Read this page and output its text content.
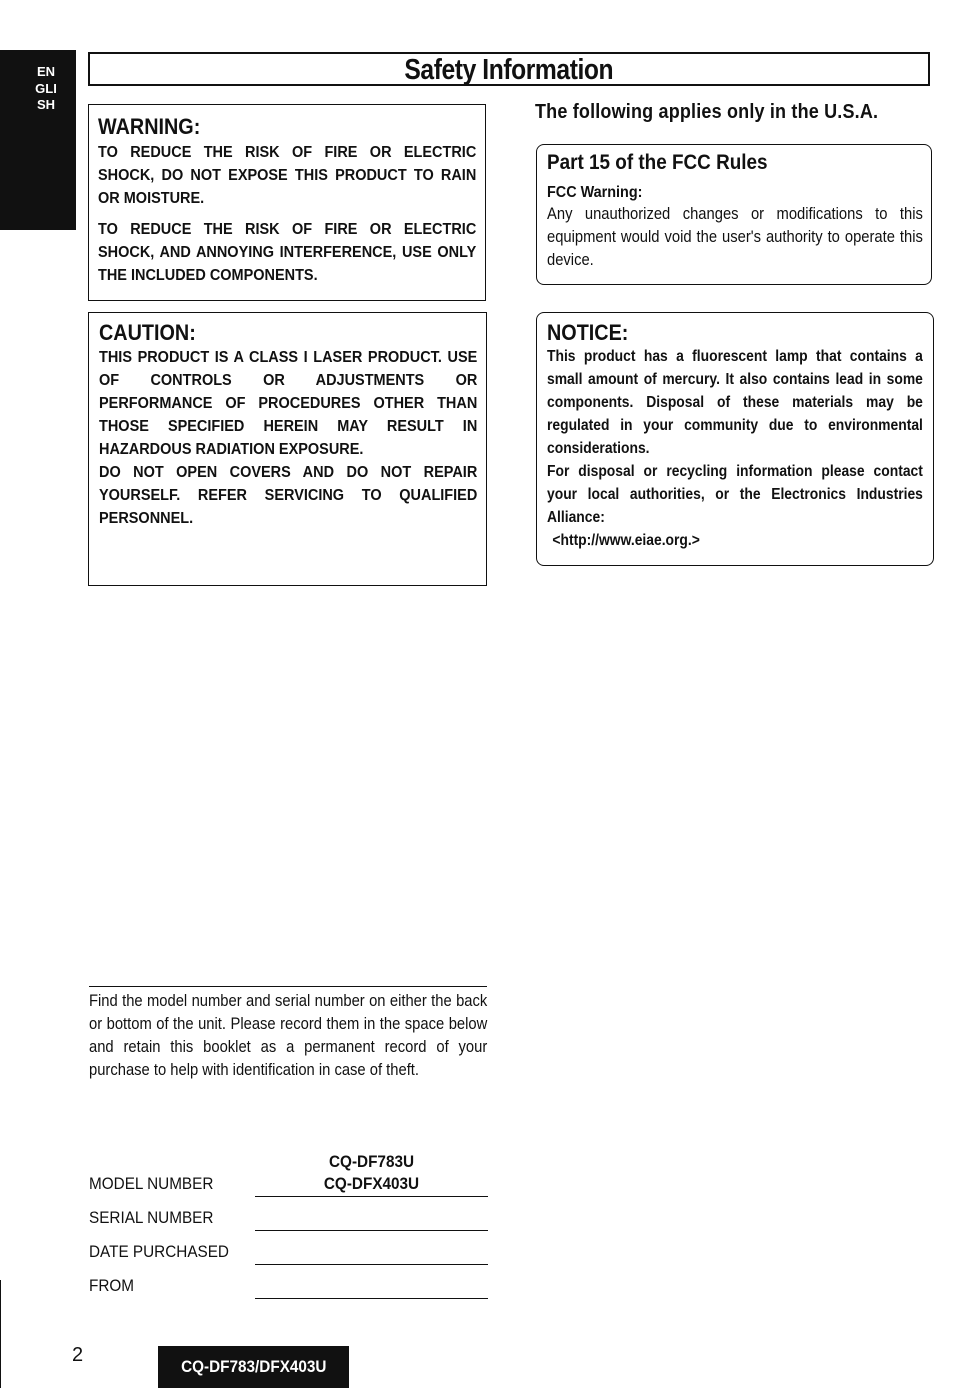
ENGLISH
Safety Information
WARNING:

TO REDUCE THE RISK OF FIRE OR ELECTRIC SHOCK, DO NOT EXPOSE THIS PRODUCT TO RAIN OR MOISTURE.

TO REDUCE THE RISK OF FIRE OR ELECTRIC SHOCK, AND ANNOYING INTERFERENCE, USE ONLY THE INCLUDED COMPONENTS.

CAUTION:

THIS PRODUCT IS A CLASS I LASER PRODUCT. USE OF CONTROLS OR ADJUSTMENTS OR PERFORMANCE OF PROCEDURES OTHER THAN THOSE SPECIFIED HEREIN MAY RESULT IN HAZARDOUS RADIATION EXPOSURE.

DO NOT OPEN COVERS AND DO NOT REPAIR YOURSELF. REFER SERVICING TO QUALIFIED PERSONNEL.

The following applies only in the U.S.A.
Part 15 of the FCC Rules
FCC Warning:

Any unauthorized changes or modifications to this equipment would void the user's authority to operate this device.

NOTICE:

This product has a fluorescent lamp that contains a small amount of mercury. It also contains lead in some components. Disposal of these materials may be regulated in your community due to environmental considerations.

For disposal or recycling information please contact your local authorities, or the Electronics Industries Alliance:

<http://www.eiae.org.>

Find the model number and serial number on either the back or bottom of the unit. Please record them in the space below and retain this booklet as a permanent record of your purchase to help with identification in case of theft.

CQ-DF783U
CQ-DFX403U
MODEL NUMBER
SERIAL NUMBER
DATE PURCHASED
FROM
2
CQ-DF783/DFX403U
